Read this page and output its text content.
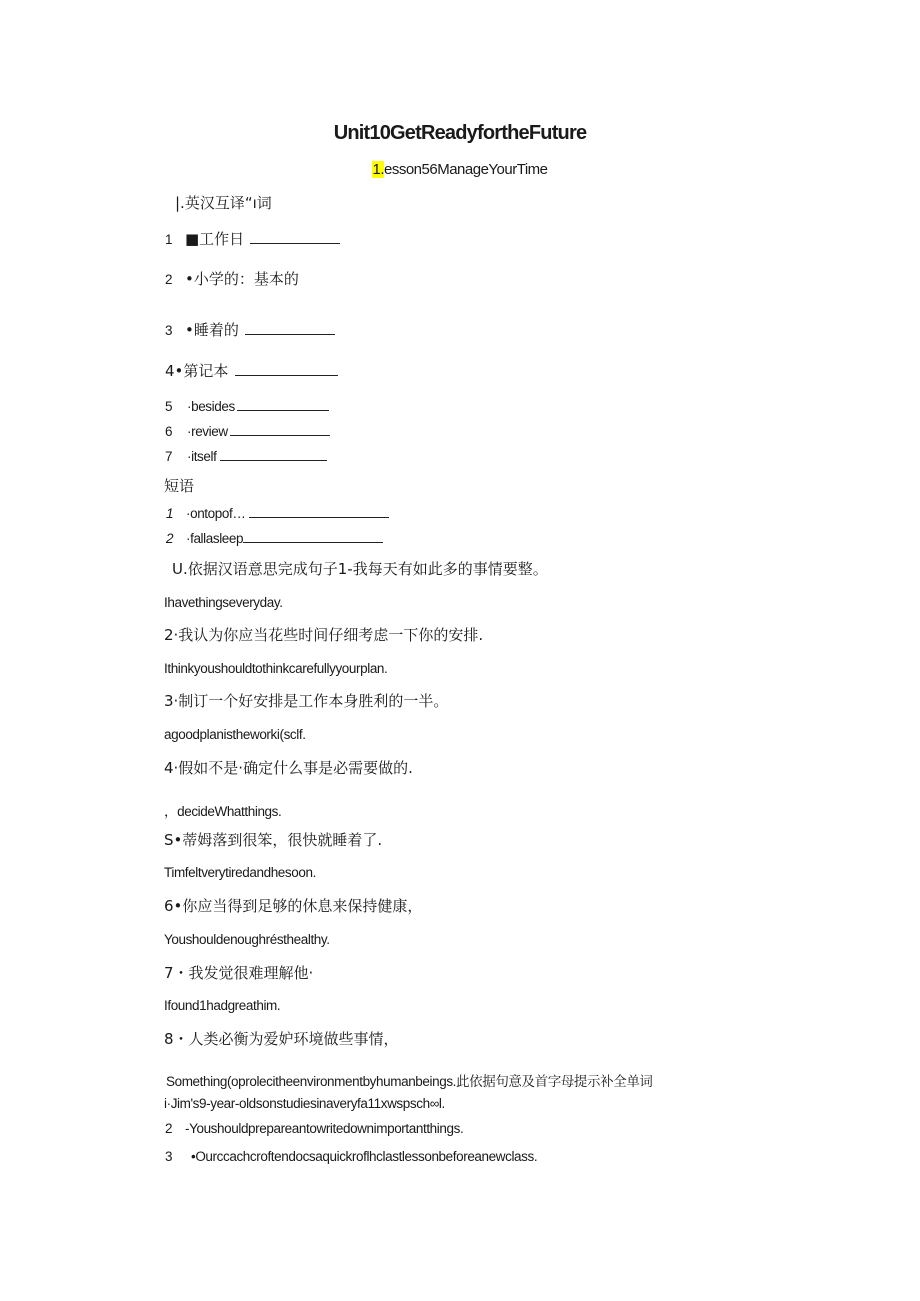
Unit10GetReadyfortheFuture
1.esson56ManageYourTime
|.英汉互译“ı词
1 ■工作日
2 •小学的：基本的
3 •睡着的
4•第记本
5 ·besides
6 ·review
7 ·itself
短语
1 ·ontopof…
2 ·fallasleep
U.依据汉语意思完成句子1-我每天有如此多的事情要整。
Ihavethingseveryday.
2·我认为你应当花些时间仔细考虑一下你的安排.
Ithinkyoushouldtothinkcarefullyyourplan.
3·制订一个好安排是工作本身胜利的一半。
agoodplanistheworki(sclf.
4·假如不是·确定什么事是必需要做的.
，decideWhatthings.
S•蒂姆落到很笨，很快就睡着了.
Timfeltverytiredandhesoon.
6•你应当得到足够的休息来保持健康，
Youshouldenoughrésthealthy.
7・我发觉很难理解他·
Ifound1hadgreathim.
8・人类必衡为爱妒环境做些事情，
Something(oprolecitheenvironmentbyhumanbeings.此依据句意及首字母提示补全单词
i·Jim's9-year-oldsonstudiesinaveryfa11xwspsch∞l.
2 -Youshouldprepareantowritedownimportantthings.
3 •Ourccachcroftendocsaquickroflhclastlessonbeforeanewclass.
